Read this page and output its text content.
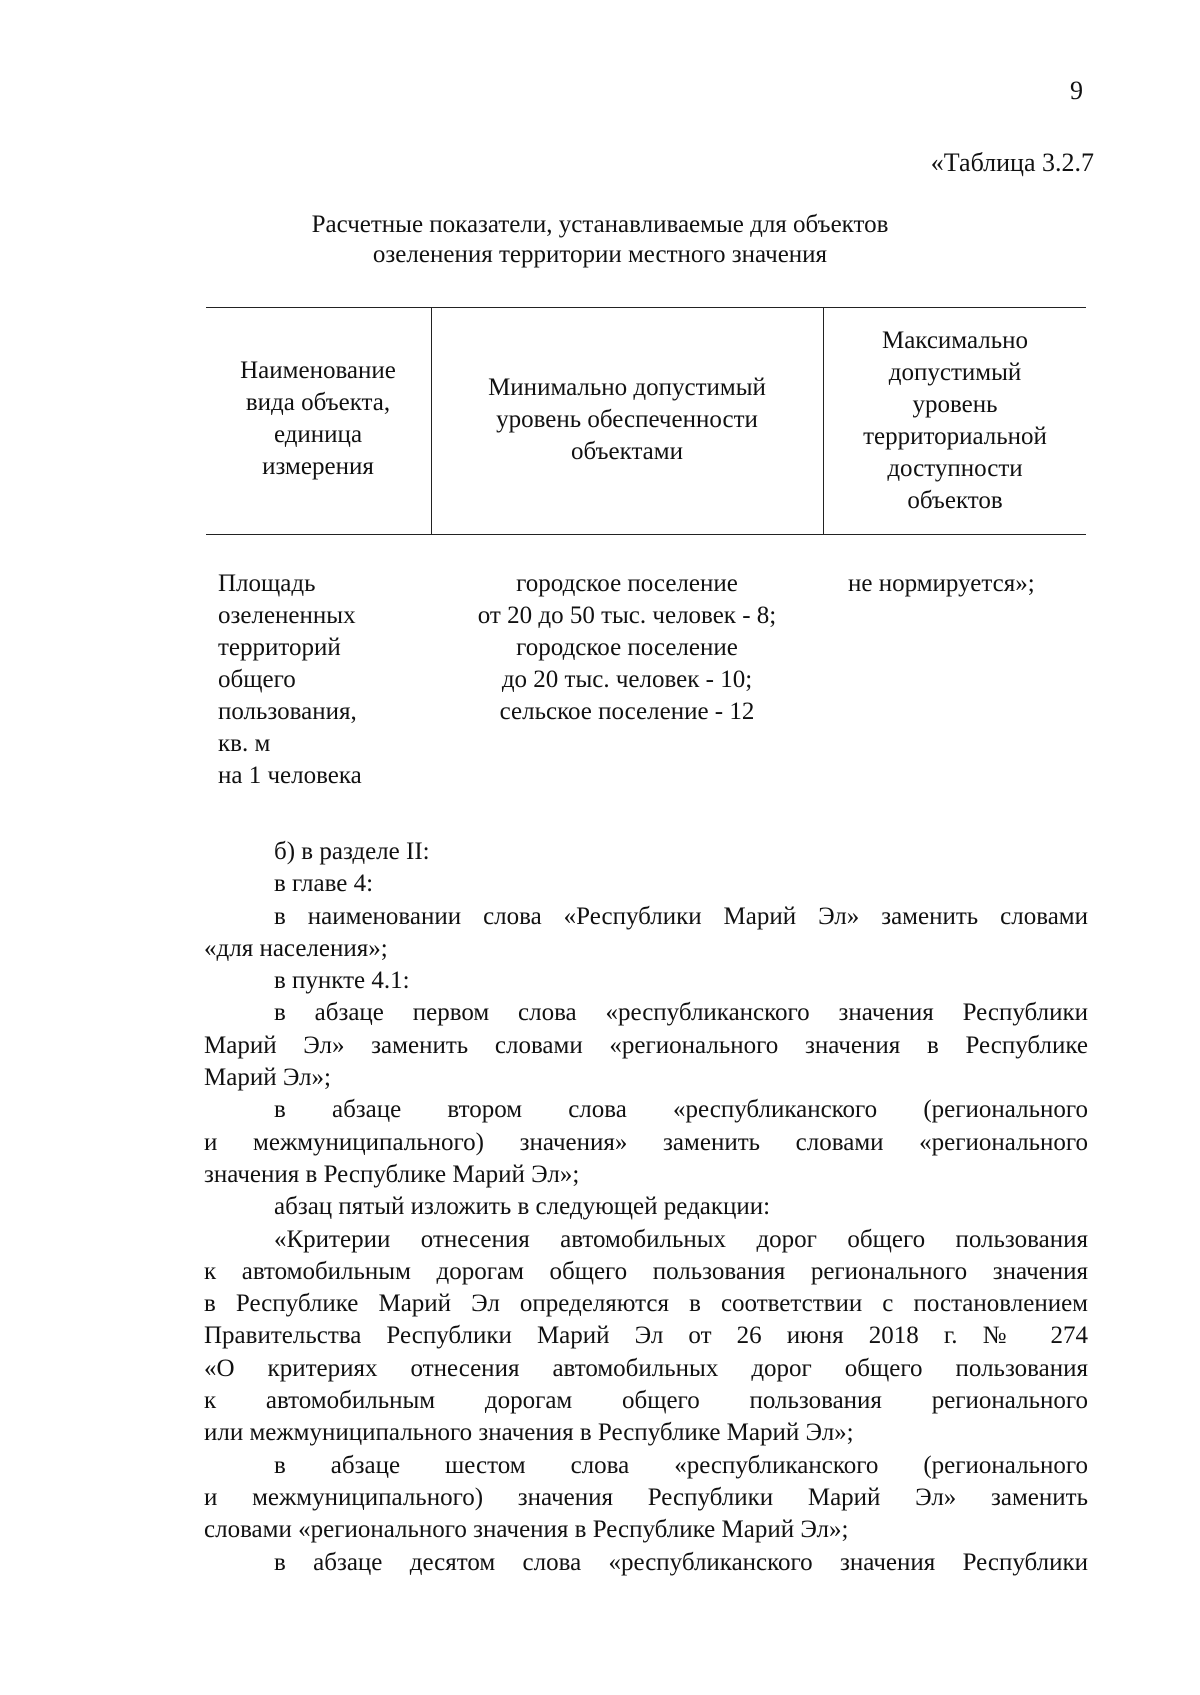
9
«Таблица 3.2.7
Расчетные показатели, устанавливаемые для объектов
озеленения территории местного значения
Наименование
вида объекта,
единица
измерения
Минимально допустимый
уровень обеспеченности
объектами
Максимально
допустимый
уровень
территориальной
доступности
объектов
Площадь
озелененных
территорий
общего
пользования,
кв. м
на 1 человека
городское поселение
от 20 до 50 тыс. человек - 8;
городское поселение
до 20 тыс. человек - 10;
сельское поселение - 12
не нормируется»;
б) в разделе II:
в главе 4:
в наименовании слова «Республики Марий Эл» заменить словами
«для населения»;
в пункте 4.1:
в абзаце первом слова «республиканского значения Республики
Марий Эл» заменить словами «регионального значения в Республике
Марий Эл»;
в абзаце втором слова «республиканского (регионального
и межмуниципального) значения» заменить словами «регионального
значения в Республике Марий Эл»;
абзац пятый изложить в следующей редакции:
«Критерии отнесения автомобильных дорог общего пользования
к автомобильным дорогам общего пользования регионального значения
в Республике Марий Эл определяются в соответствии с постановлением
Правительства Республики Марий Эл от 26 июня 2018 г. № 274
«О критериях отнесения автомобильных дорог общего пользования
к автомобильным дорогам общего пользования регионального
или межмуниципального значения в Республике Марий Эл»;
в абзаце шестом слова «республиканского (регионального
и межмуниципального) значения Республики Марий Эл» заменить
словами «регионального значения в Республике Марий Эл»;
в абзаце десятом слова «республиканского значения Республики
